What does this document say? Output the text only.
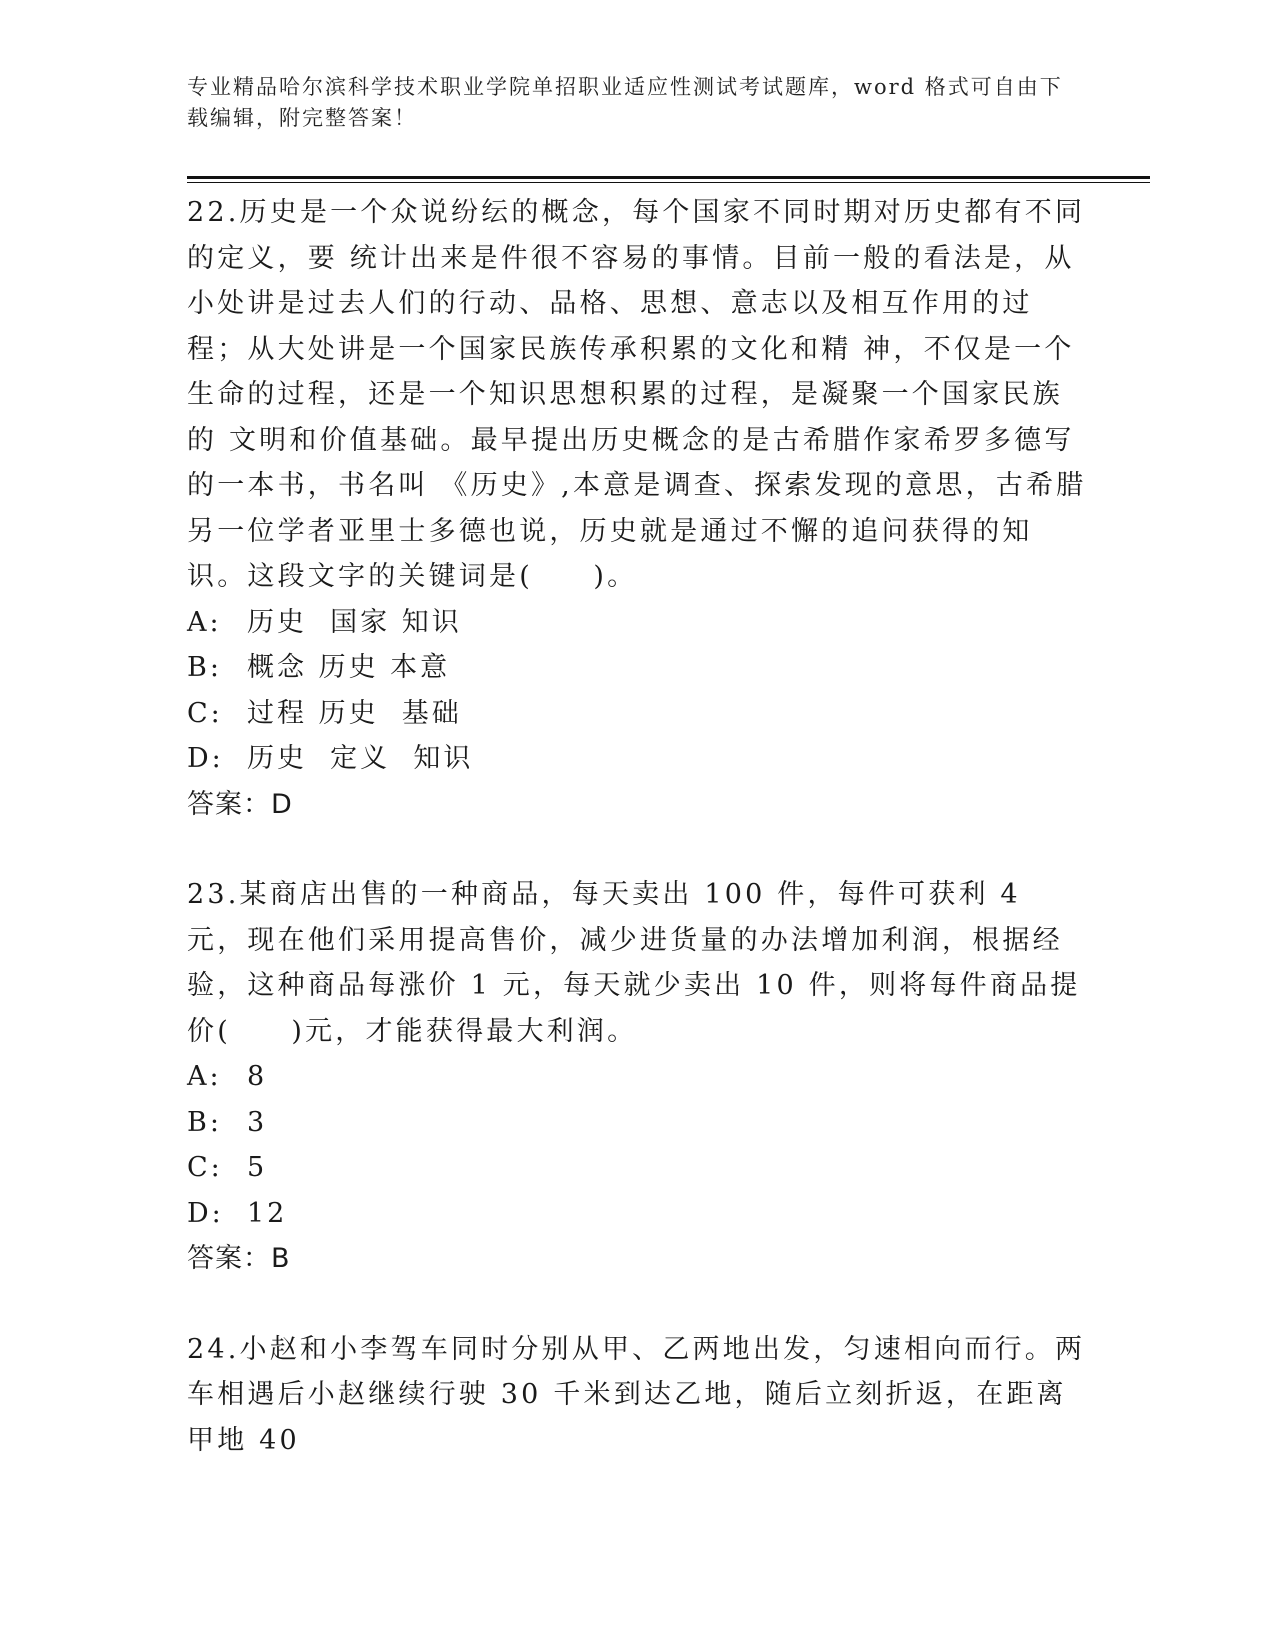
专业精品哈尔滨科学技术职业学院单招职业适应性测试考试题库，word 格式可自由下载编辑，附完整答案！

22.历史是一个众说纷纭的概念，每个国家不同时期对历史都有不同的定义，要 统计出来是件很不容易的事情。目前一般的看法是，从小处讲是过去人们的行动、品格、思想、意志以及相互作用的过程；从大处讲是一个国家民族传承积累的文化和精 神，不仅是一个生命的过程，还是一个知识思想积累的过程，是凝聚一个国家民族的 文明和价值基础。最早提出历史概念的是古希腊作家希罗多德写的一本书，书名叫 《历史》,本意是调查、探索发现的意思，古希腊另一位学者亚里士多德也说，历史就是通过不懈的追问获得的知识。这段文字的关键词是(　　)。

A: 历史  国家 知识
B: 概念 历史 本意
C: 过程 历史  基础
D: 历史  定义  知识
答案：D

23.某商店出售的一种商品，每天卖出 100 件，每件可获利 4 元，现在他们采用提高售价，减少进货量的办法增加利润，根据经验，这种商品每涨价 1 元，每天就少卖出 10 件，则将每件商品提价(　　)元，才能获得最大利润。

A: 8
B: 3
C: 5
D: 12
答案：B

24.小赵和小李驾车同时分别从甲、乙两地出发，匀速相向而行。两车相遇后小赵继续行驶 30 千米到达乙地，随后立刻折返，在距离甲地 40
